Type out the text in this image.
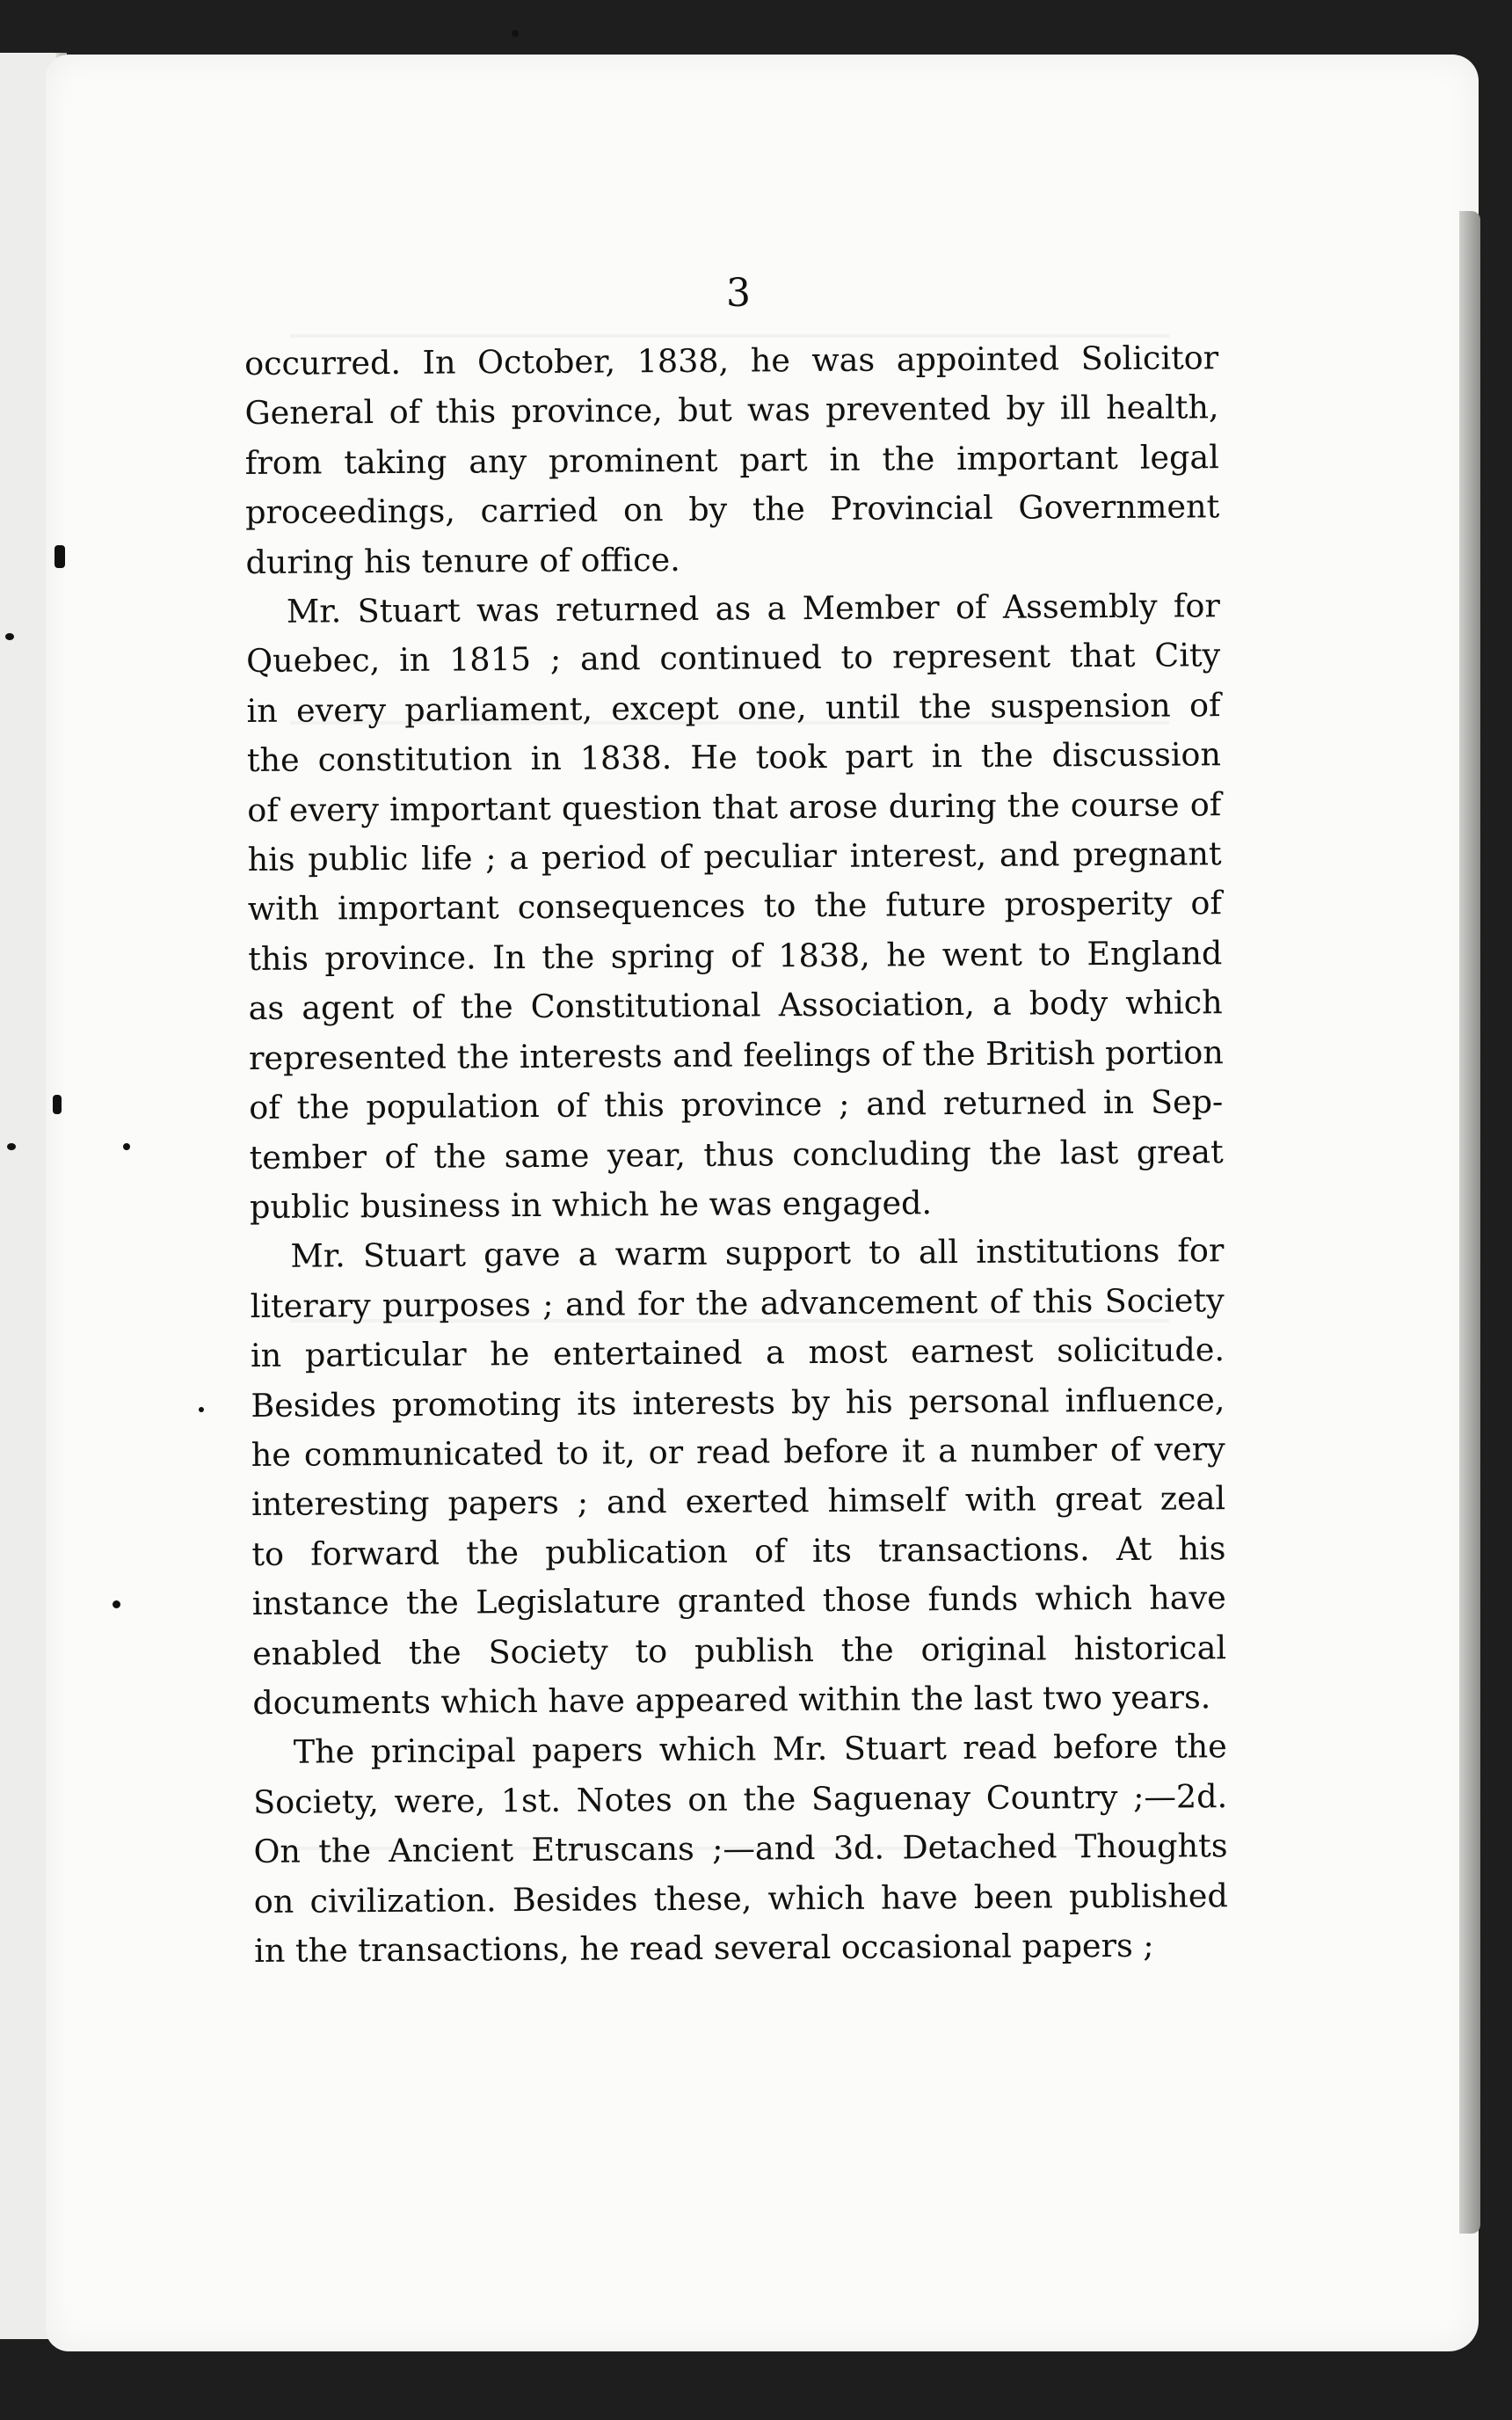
3
occurred. In October, 1838, he was appointed Solicitor
General of this province, but was prevented by ill health,
from taking any prominent part in the important legal
proceedings, carried on by the Provincial Government
during his tenure of office.
Mr. Stuart was returned as a Member of Assembly for
Quebec, in 1815 ; and continued to represent that City
in every parliament, except one, until the suspension of
the constitution in 1838. He took part in the discussion
of every important question that arose during the course of
his public life ; a period of peculiar interest, and pregnant
with important consequences to the future prosperity of
this province. In the spring of 1838, he went to England
as agent of the Constitutional Association, a body which
represented the interests and feelings of the British portion
of the population of this province ; and returned in Sep-
tember of the same year, thus concluding the last great
public business in which he was engaged.
Mr. Stuart gave a warm support to all institutions for
literary purposes ; and for the advancement of this Society
in particular he entertained a most earnest solicitude.
Besides promoting its interests by his personal influence,
he communicated to it, or read before it a number of very
interesting papers ; and exerted himself with great zeal
to forward the publication of its transactions. At his
instance the Legislature granted those funds which have
enabled the Society to publish the original historical
documents which have appeared within the last two years.
The principal papers which Mr. Stuart read before the
Society, were, 1st. Notes on the Saguenay Country ;—2d.
On the Ancient Etruscans ;—and 3d. Detached Thoughts
on civilization. Besides these, which have been published
in the transactions, he read several occasional papers ;
